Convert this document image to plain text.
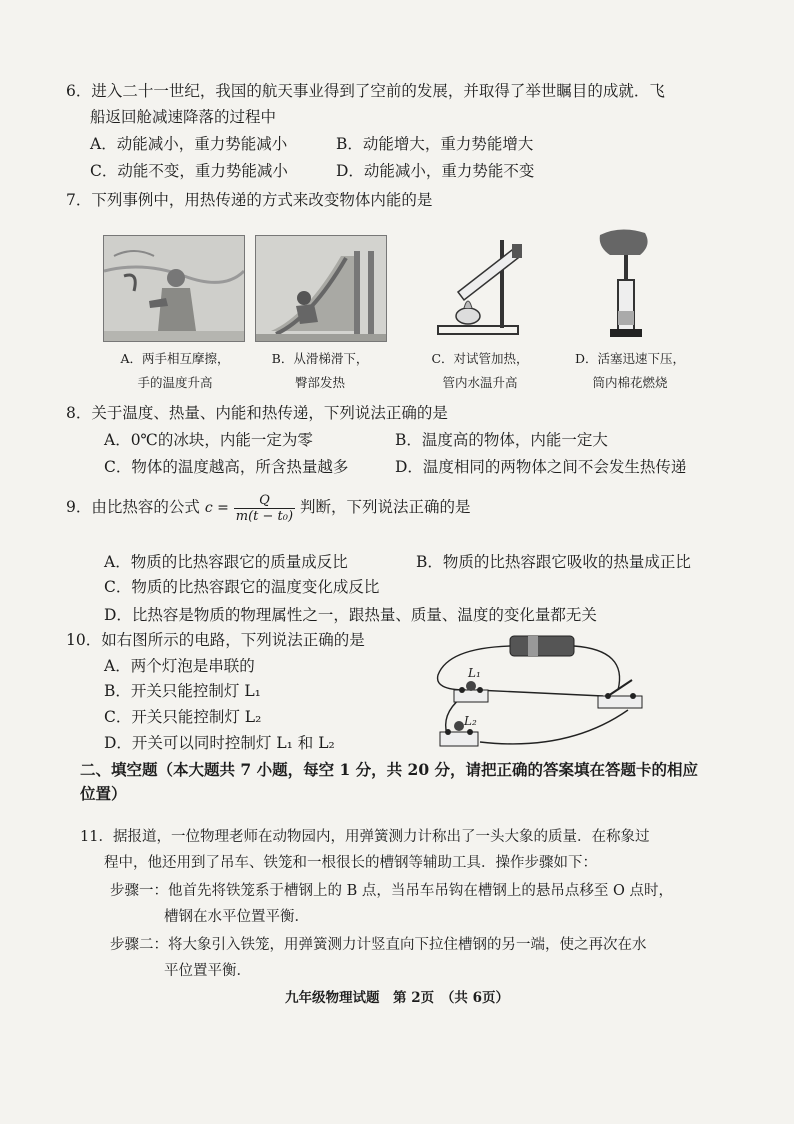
6．进入二十一世纪，我国的航天事业得到了空前的发展，并取得了举世瞩目的成就．飞
船返回舱减速降落的过程中
A．动能减小，重力势能减小	B．动能增大，重力势能增大
C．动能不变，重力势能减小	D．动能减小，重力势能不变
7．下列事例中，用热传递的方式来改变物体内能的是
A．两手相互摩擦，
手的温度升高
B．从滑梯滑下，
臀部发热
C．对试管加热，
管内水温升高
D．活塞迅速下压，
筒内棉花燃烧
8．关于温度、热量、内能和热传递，下列说法正确的是
A．0℃的冰块，内能一定为零	B．温度高的物体，内能一定大
C．物体的温度越高，所含热量越多	D．温度相同的两物体之间不会发生热传递
9．由比热容的公式 $c = \frac{Q}{\text{m(t − t₀)}}$ 判断，下列说法正确的是
A．物质的比热容跟它的质量成反比	B．物质的比热容跟它吸收的热量成正比
C．物质的比热容跟它的温度变化成反比
D．比热容是物质的物理属性之一，跟热量、质量、温度的变化量都无关
10．如右图所示的电路，下列说法正确的是
A．两个灯泡是串联的
B．开关只能控制灯 L₁
C．开关只能控制灯 L₂
D．开关可以同时控制灯 L₁ 和 L₂
L₁
L₂
二、填空题（本大题共 7 小题，每空 1 分，共 20 分，请把正确的答案填在答题卡的相应
位置）
11．据报道，一位物理老师在动物园内，用弹簧测力计称出了一头大象的质量．在称象过
程中，他还用到了吊车、铁笼和一根很长的槽钢等辅助工具．操作步骤如下：
步骤一：他首先将铁笼系于槽钢上的 B 点，当吊车吊钩在槽钢上的悬吊点移至 O 点时，
槽钢在水平位置平衡．
步骤二：将大象引入铁笼，用弹簧测力计竖直向下拉住槽钢的另一端，使之再次在水
平位置平衡．
九年级物理试题　第 2页　（共 6页）
